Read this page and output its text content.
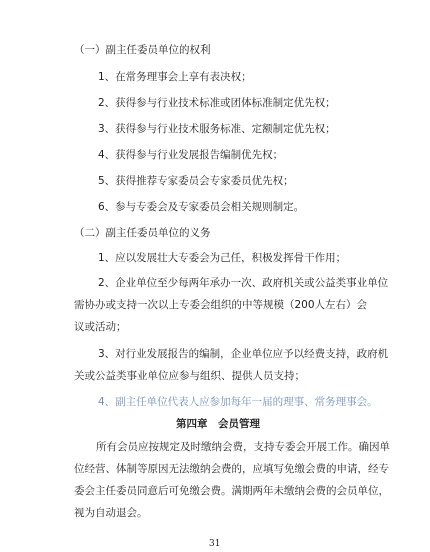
（一）副主任委员单位的权利
1、在常务理事会上享有表决权；
2、获得参与行业技术标准或团体标准制定优先权；
3、获得参与行业技术服务标准、定额制定优先权；
4、获得参与行业发展报告编制优先权；
5、获得推荐专家委员会专家委员优先权；
6、参与专委会及专家委员会相关规则制定。
（二）副主任委员单位的义务
1、应以发展壮大专委会为己任，积极发挥骨干作用；
2、企业单位至少每两年承办一次、政府机关或公益类事业单位
需协办或支持一次以上专委会组织的中等规模（200人左右）会
议或活动；
3、对行业发展报告的编制，企业单位应予以经费支持，政府机
关或公益类事业单位应参与组织、提供人员支持；
4、副主任单位代表人应参加每年一届的理事、常务理事会。
第四章　会员管理
所有会员应按规定及时缴纳会费，支持专委会开展工作。确因单
位经营、体制等原因无法缴纳会费的，应填写免缴会费的申请，经专
委会主任委员同意后可免缴会费。满期两年未缴纳会费的会员单位，
视为自动退会。
31
